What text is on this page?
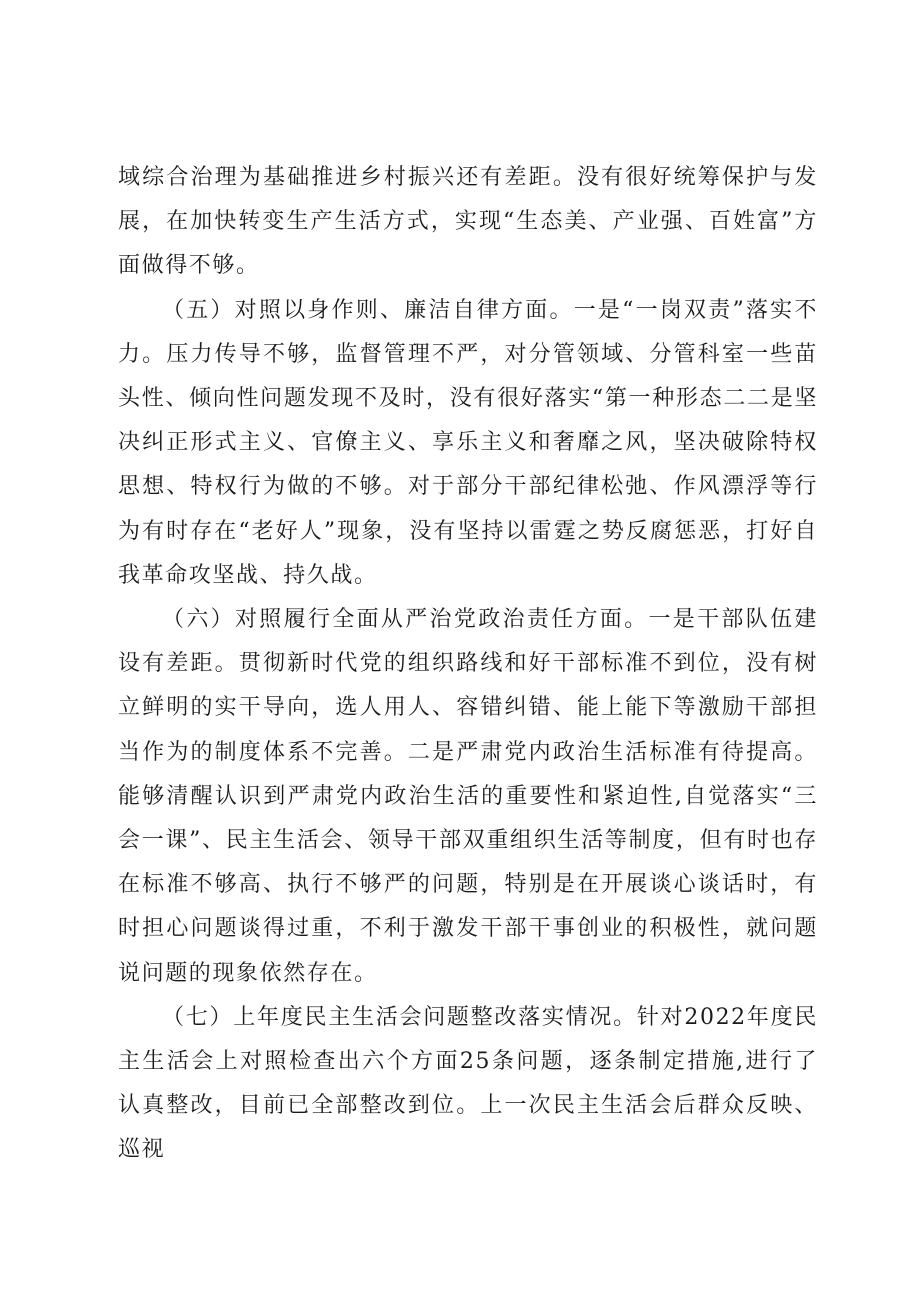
域综合治理为基础推进乡村振兴还有差距。没有很好统筹保护与发展，在加快转变生产生活方式，实现“生态美、产业强、百姓富”方面做得不够。

（五）对照以身作则、廉洁自律方面。一是“一岗双责”落实不力。压力传导不够，监督管理不严，对分管领域、分管科室一些苗头性、倾向性问题发现不及时，没有很好落实“第一种形态二二是坚决纠正形式主义、官僚主义、享乐主义和奢靡之风，坚决破除特权思想、特权行为做的不够。对于部分干部纪律松弛、作风漂浮等行为有时存在“老好人”现象，没有坚持以雷霆之势反腐惩恶，打好自我革命攻坚战、持久战。

（六）对照履行全面从严治党政治责任方面。一是干部队伍建设有差距。贯彻新时代党的组织路线和好干部标准不到位，没有树立鲜明的实干导向，选人用人、容错纠错、能上能下等激励干部担当作为的制度体系不完善。二是严肃党内政治生活标准有待提高。能够清醒认识到严肃党内政治生活的重要性和紧迫性,自觉落实“三会一课”、民主生活会、领导干部双重组织生活等制度，但有时也存在标准不够高、执行不够严的问题，特别是在开展谈心谈话时，有时担心问题谈得过重，不利于激发干部干事创业的积极性，就问题说问题的现象依然存在。

（七）上年度民主生活会问题整改落实情况。针对2022年度民主生活会上对照检查出六个方面25条问题，逐条制定措施,进行了认真整改，目前已全部整改到位。上一次民主生活会后群众反映、巡视
